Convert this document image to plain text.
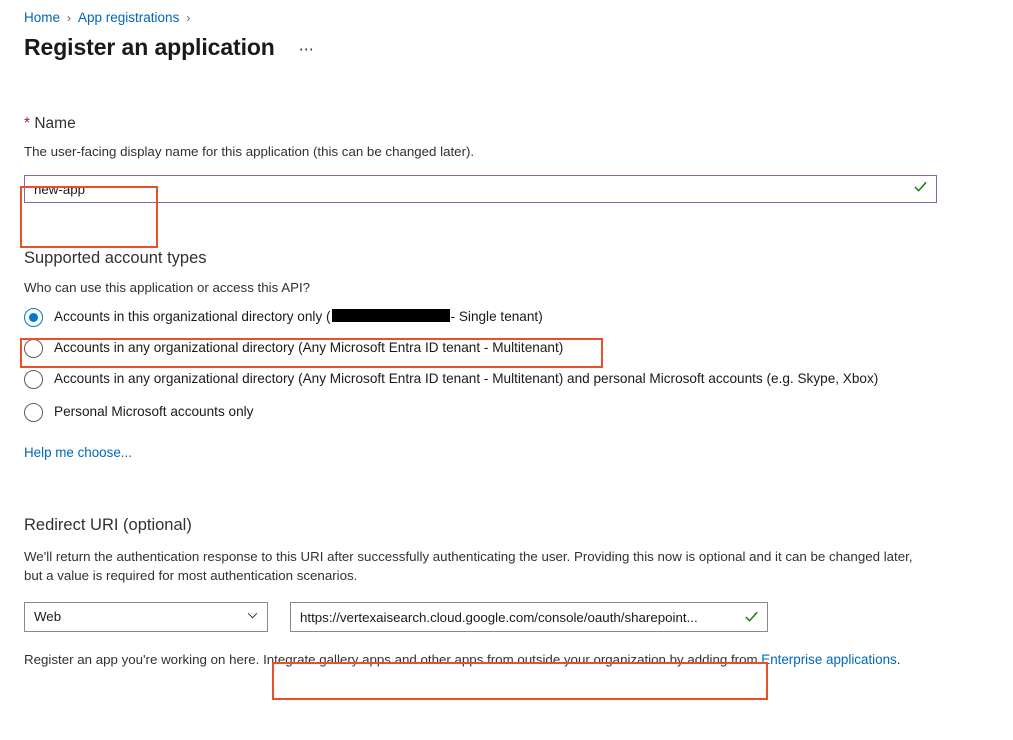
Home › App registrations ›
Register an application ⋯
* Name
The user-facing display name for this application (this can be changed later).
new-app
Supported account types
Who can use this application or access this API?
Accounts in this organizational directory only (	- Single tenant)
Accounts in any organizational directory (Any Microsoft Entra ID tenant - Multitenant)
Accounts in any organizational directory (Any Microsoft Entra ID tenant - Multitenant) and personal Microsoft accounts (e.g. Skype, Xbox)
Personal Microsoft accounts only
Help me choose...
Redirect URI (optional)
We'll return the authentication response to this URI after successfully authenticating the user. Providing this now is optional and it can be changed later, but a value is required for most authentication scenarios.
Web
https://vertexaisearch.cloud.google.com/console/oauth/sharepoint...
Register an app you're working on here. Integrate gallery apps and other apps from outside your organization by adding from Enterprise applications.
